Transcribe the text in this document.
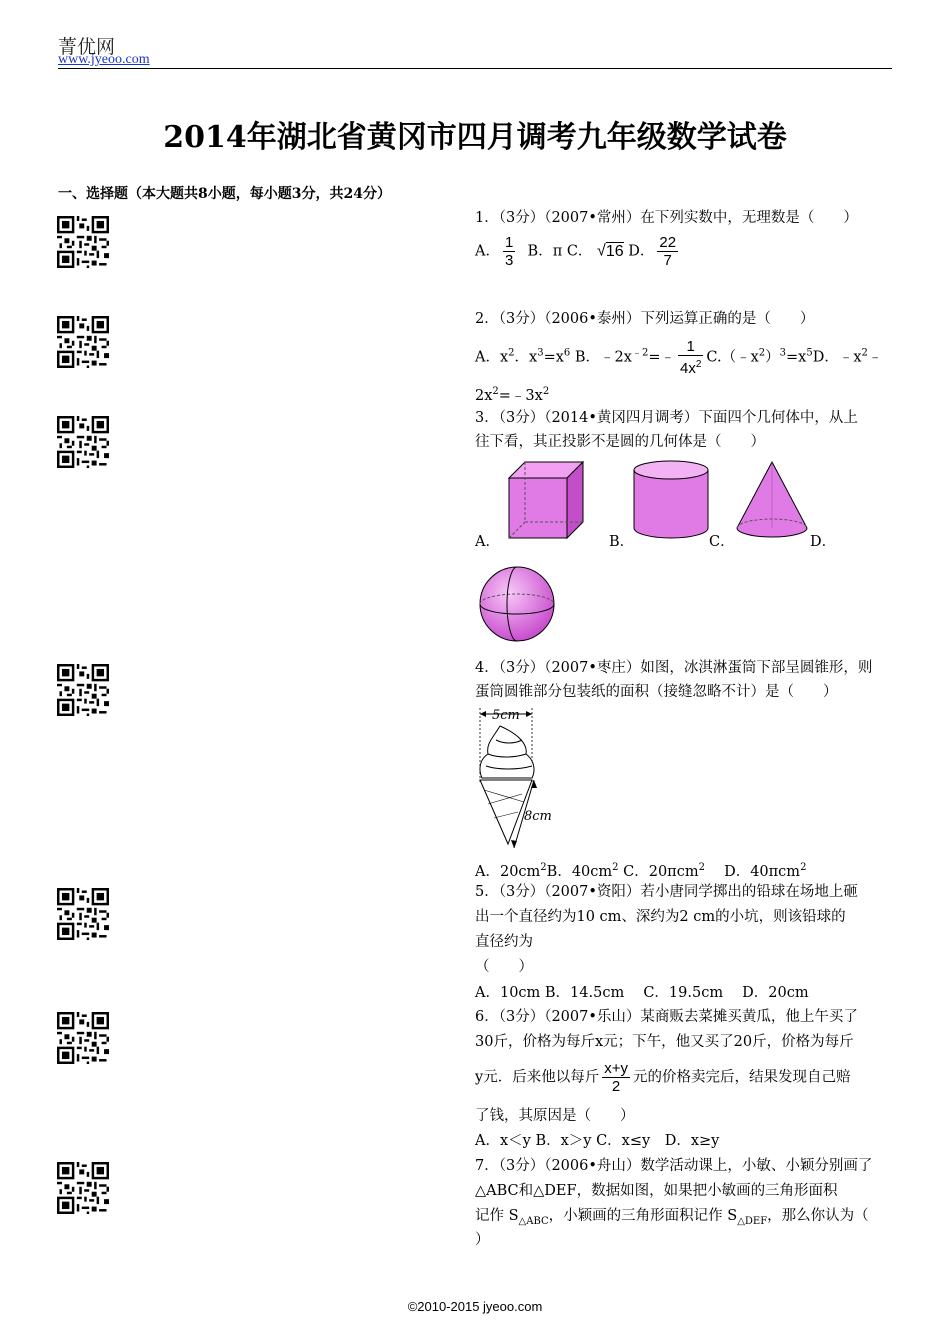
菁优网
www.jyeoo.com
2014年湖北省黄冈市四月调考九年级数学试卷
一、选择题（本大题共8小题，每小题3分，共24分）
1．（3分）（2007•常州）在下列实数中，无理数是（　　）
A． $\frac{1}{3}$ B．π C． √16 D． $\frac{22}{7}$
2．（3分）（2006•泰州）下列运算正确的是（　　）
A．$x^2$．$x^3=x^6$ B．$﹣2x^{﹣2}=﹣ \frac{1}{4x^2}$ $C.(﹣x^2)^3=x^5D$．$﹣x^2﹣$
$2x^2=﹣3x^2$
3．（3分）（2014•黄冈四月调考）下面四个几何体中，从上
往下看，其正投影不是圆的几何体是（　　）
A．	B．	C．	D．
4．（3分）（2007•枣庄）如图，冰淇淋蛋筒下部呈圆锥形，则
蛋筒圆锥部分包装纸的面积（接缝忽略不计）是（　　）
5cm
8cm
A．$20cm^2B$．$40cm^2$ C．20πcm$^2$　 D．40πcm$^2$
5．（3分）（2007•资阳）若小唐同学掷出的铅球在场地上砸
出一个直径约为10 cm、深约为2 cm的小坑，则该铅球的
直径约为
（　　）
A．10cm B．14.5cm　 C．19.5cm　 D．20cm
6．（3分）（2007•乐山）某商贩去菜摊买黄瓜，他上午买了
30斤，价格为每斤x元；下午，他又买了20斤，价格为每斤
y元．后来他以每斤 $\frac{x+y}{2}$ 元的价格卖完后，结果发现自己赔
了钱，其原因是（　　）
A．x＜y B．x＞y C．x≤y　D．x≥y
7．（3分）（2006•舟山）数学活动课上，小敏、小颖分别画了
△ABC和△DEF，数据如图，如果把小敏画的三角形面积
记作 $S_{\triangle ABC}$，小颖画的三角形面积记作 $S_{\triangle DEF}$，那么你认为（
）
©2010-2015 jyeoo.com
